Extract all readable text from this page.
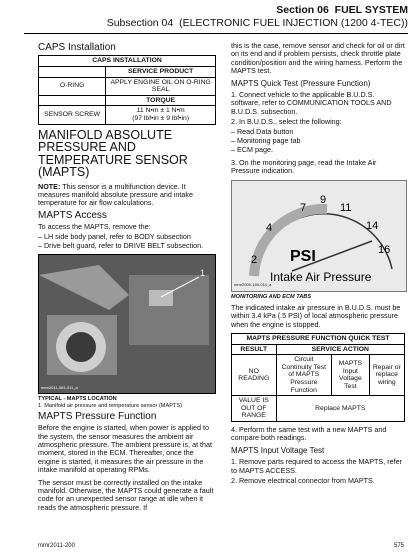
Section 06 FUEL SYSTEM
Subsection 04 (ELECTRONIC FUEL INJECTION (1200 4-TEC))
CAPS Installation
CAPS INSTALLATION	
	SERVICE PRODUCT
O-RING	APPLY ENGINE OIL ON O-RING SEAL
	TORQUE
SENSOR SCREW	11 N•m ± 1 N•m
(97 lbf•in ± 9 lbf•in)
MANIFOLD ABSOLUTE PRESSURE AND TEMPERATURE SENSOR (MAPTS)

NOTE: This sensor is a multifunction device. It measures manifold absolute pressure and intake temperature for air flow calculations.

MAPTS Access

To access the MAPTS, remove the:

– LH side body panel, refer to BODY subsection
– Drive belt guard, refer to DRIVE BELT subsection.
1
mmr2011-081-011_a
TYPICAL - MAPTS LOCATION
1. Manifold air pressure and temperature sensor (MAPTS)
MAPTS Pressure Function

Before the engine is started, when power is applied to the system, the sensor measures the ambient air atmospheric pressure. The ambient pressure is, at that moment, stored in the ECM. Thereafter, once the engine is started, it measures the air pressure in the intake manifold at operating RPMs.

The sensor must be correctly installed on the intake manifold. Otherwise, the MAPTS could generate a fault code for an unexpected sensor range at idle when it reads the atmospheric pressure. If

this is the case, remove sensor and check for oil or dirt on its end and if problem persists, check throttle plate condition/position and the wiring harness. Perform the MAPTS test.

MAPTS Quick Test (Pressure Function)

1. Connect vehicle to the applicable B.U.D.S. software, refer to COMMUNICATION TOOLS AND B.U.D.S. subsection.

2. In B.U.D.S., select the following:

– Read Data button
– Monitoring page tab
– ECM page.

3. On the monitoring page, read the Intake Air Pressure indication.

2
4
7
9
11
14
16
PSI
Intake Air Pressure
mmr2009-169-014_a
MONITORING AND ECM TABS

The indicated intake air pressure in B.U.D.S. must be within 3.4 kPa (.5 PSI) of local atmospheric pressure when the engine is stopped.

MAPTS PRESSURE FUNCTION QUICK TEST			
RESULT	SERVICE ACTION		
NO READING	Circuit Continuity Test of MAPTS Pressure Function	MAPTS Input Voltage Test	Repair or replace wiring
VALUE IS OUT OF RANGE	Replace MAPTS		

4. Perform the same test with a new MAPTS and compare both readings.

MAPTS Input Voltage Test

1. Remove parts required to access the MAPTS, refer to MAPTS ACCESS.

2. Remove electrical connector from MAPTS.

mmr2011-200	575
